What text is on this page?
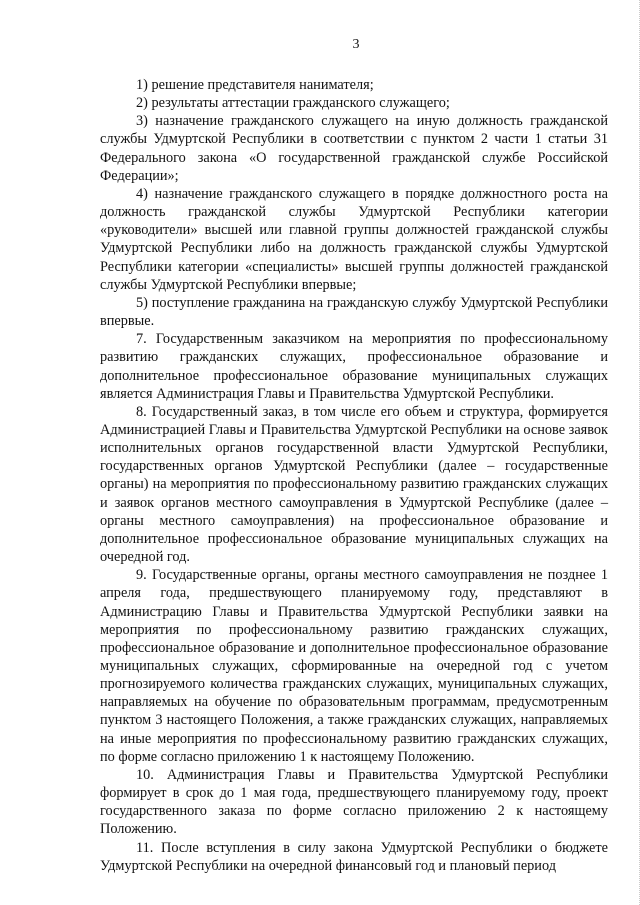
3

1) решение представителя нанимателя;

2) результаты аттестации гражданского служащего;

3) назначение гражданского служащего на иную должность гражданской службы Удмуртской Республики в соответствии с пунктом 2 части 1 статьи 31 Федерального закона «О государственной гражданской службе Российской Федерации»;

4) назначение гражданского служащего в порядке должностного роста на должность гражданской службы Удмуртской Республики категории «руководители» высшей или главной группы должностей гражданской службы Удмуртской Республики либо на должность гражданской службы Удмуртской Республики категории «специалисты» высшей группы должностей гражданской службы Удмуртской Республики впервые;

5) поступление гражданина на гражданскую службу Удмуртской Республики впервые.

7. Государственным заказчиком на мероприятия по профессиональному развитию гражданских служащих, профессиональное образование и дополнительное профессиональное образование муниципальных служащих является Администрация Главы и Правительства Удмуртской Республики.

8. Государственный заказ, в том числе его объем и структура, формируется Администрацией Главы и Правительства Удмуртской Республики на основе заявок исполнительных органов государственной власти Удмуртской Республики, государственных органов Удмуртской Республики (далее – государственные органы) на мероприятия по профессиональному развитию гражданских служащих и заявок органов местного самоуправления в Удмуртской Республике (далее – органы местного самоуправления) на профессиональное образование и дополнительное профессиональное образование муниципальных служащих на очередной год.

9. Государственные органы, органы местного самоуправления не позднее 1 апреля года, предшествующего планируемому году, представляют в Администрацию Главы и Правительства Удмуртской Республики заявки на мероприятия по профессиональному развитию гражданских служащих, профессиональное образование и дополнительное профессиональное образование муниципальных служащих, сформированные на очередной год с учетом прогнозируемого количества гражданских служащих, муниципальных служащих, направляемых на обучение по образовательным программам, предусмотренным пунктом 3 настоящего Положения, а также гражданских служащих, направляемых на иные мероприятия по профессиональному развитию гражданских служащих, по форме согласно приложению 1 к настоящему Положению.

10. Администрация Главы и Правительства Удмуртской Республики формирует в срок до 1 мая года, предшествующего планируемому году, проект государственного заказа по форме согласно приложению 2 к настоящему Положению.

11. После вступления в силу закона Удмуртской Республики о бюджете Удмуртской Республики на очередной финансовый год и плановый период
